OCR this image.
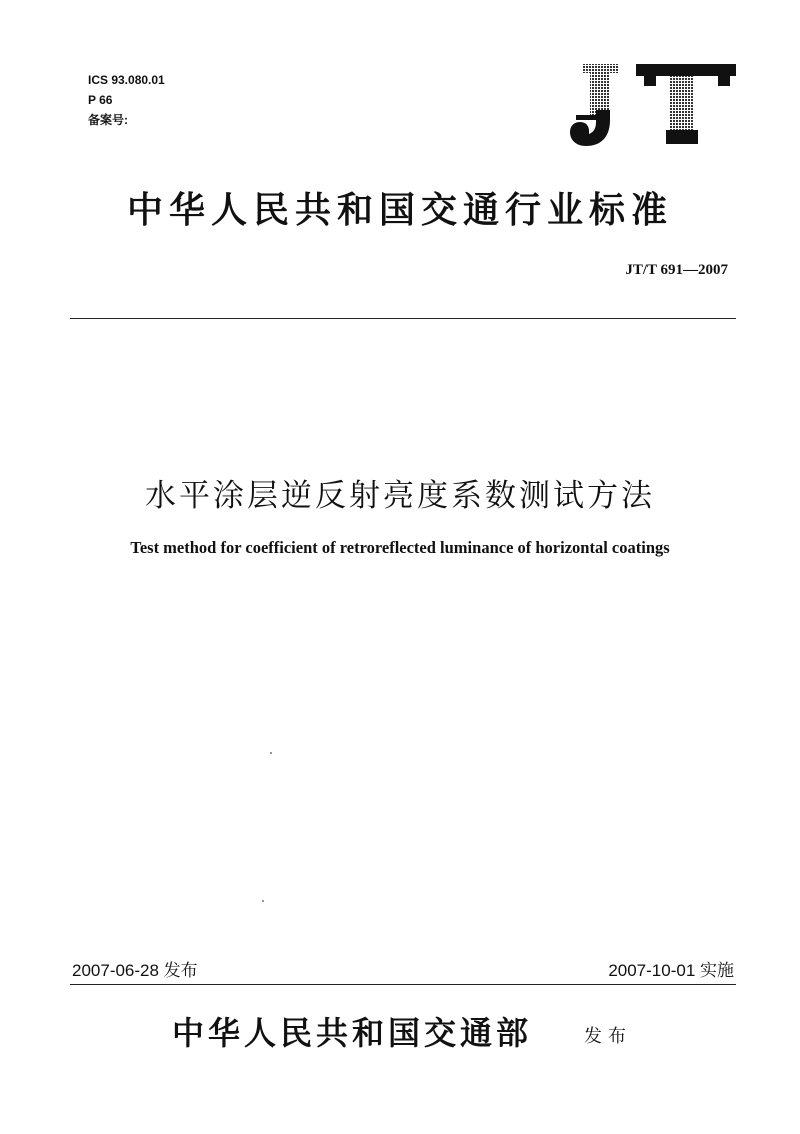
ICS 93.080.01
P 66
备案号:
中华人民共和国交通行业标准
JT/T 691—2007
水平涂层逆反射亮度系数测试方法
Test method for coefficient of retroreflected luminance of horizontal coatings
2007-06-28 发布	2007-10-01 实施
中华人民共和国交通部	发布
